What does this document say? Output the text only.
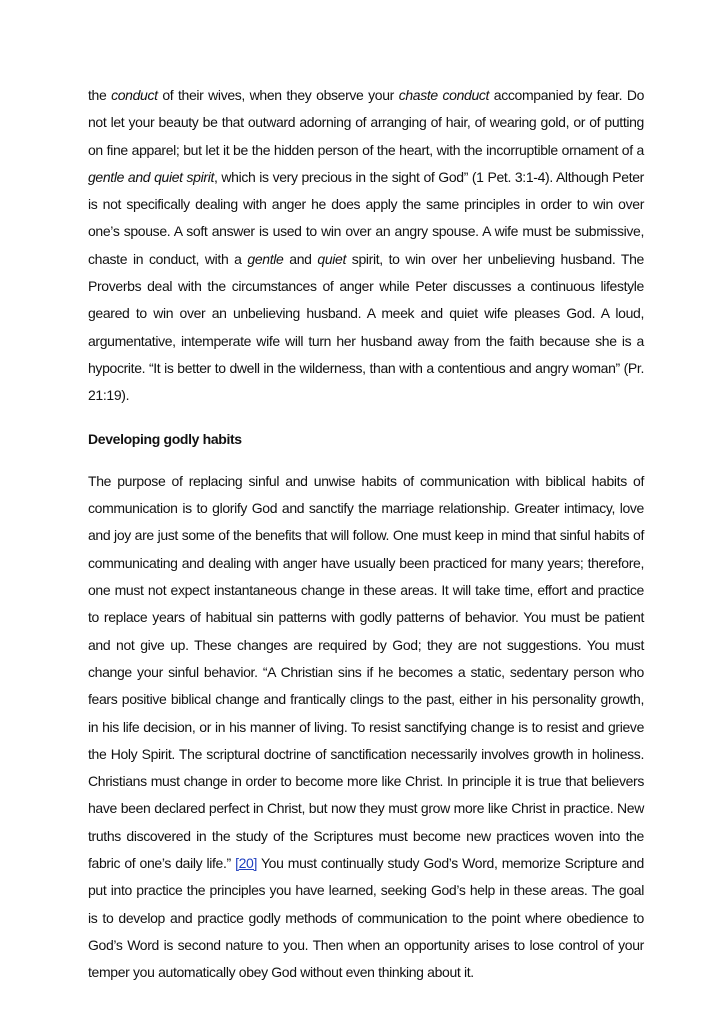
the conduct of their wives, when they observe your chaste conduct accompanied by fear. Do not let your beauty be that outward adorning of arranging of hair, of wearing gold, or of putting on fine apparel; but let it be the hidden person of the heart, with the incorruptible ornament of a gentle and quiet spirit, which is very precious in the sight of God” (1 Pet. 3:1-4). Although Peter is not specifically dealing with anger he does apply the same principles in order to win over one’s spouse. A soft answer is used to win over an angry spouse. A wife must be submissive, chaste in conduct, with a gentle and quiet spirit, to win over her unbelieving husband. The Proverbs deal with the circumstances of anger while Peter discusses a continuous lifestyle geared to win over an unbelieving husband. A meek and quiet wife pleases God. A loud, argumentative, intemperate wife will turn her husband away from the faith because she is a hypocrite. “It is better to dwell in the wilderness, than with a contentious and angry woman” (Pr. 21:19).

Developing godly habits

The purpose of replacing sinful and unwise habits of communication with biblical habits of communication is to glorify God and sanctify the marriage relationship. Greater intimacy, love and joy are just some of the benefits that will follow. One must keep in mind that sinful habits of communicating and dealing with anger have usually been practiced for many years; therefore, one must not expect instantaneous change in these areas. It will take time, effort and practice to replace years of habitual sin patterns with godly patterns of behavior. You must be patient and not give up. These changes are required by God; they are not suggestions. You must change your sinful behavior. “A Christian sins if he becomes a static, sedentary person who fears positive biblical change and frantically clings to the past, either in his personality growth, in his life decision, or in his manner of living. To resist sanctifying change is to resist and grieve the Holy Spirit. The scriptural doctrine of sanctification necessarily involves growth in holiness. Christians must change in order to become more like Christ. In principle it is true that believers have been declared perfect in Christ, but now they must grow more like Christ in practice. New truths discovered in the study of the Scriptures must become new practices woven into the fabric of one’s daily life.” [20] You must continually study God’s Word, memorize Scripture and put into practice the principles you have learned, seeking God’s help in these areas. The goal is to develop and practice godly methods of communication to the point where obedience to God’s Word is second nature to you. Then when an opportunity arises to lose control of your temper you automatically obey God without even thinking about it.
